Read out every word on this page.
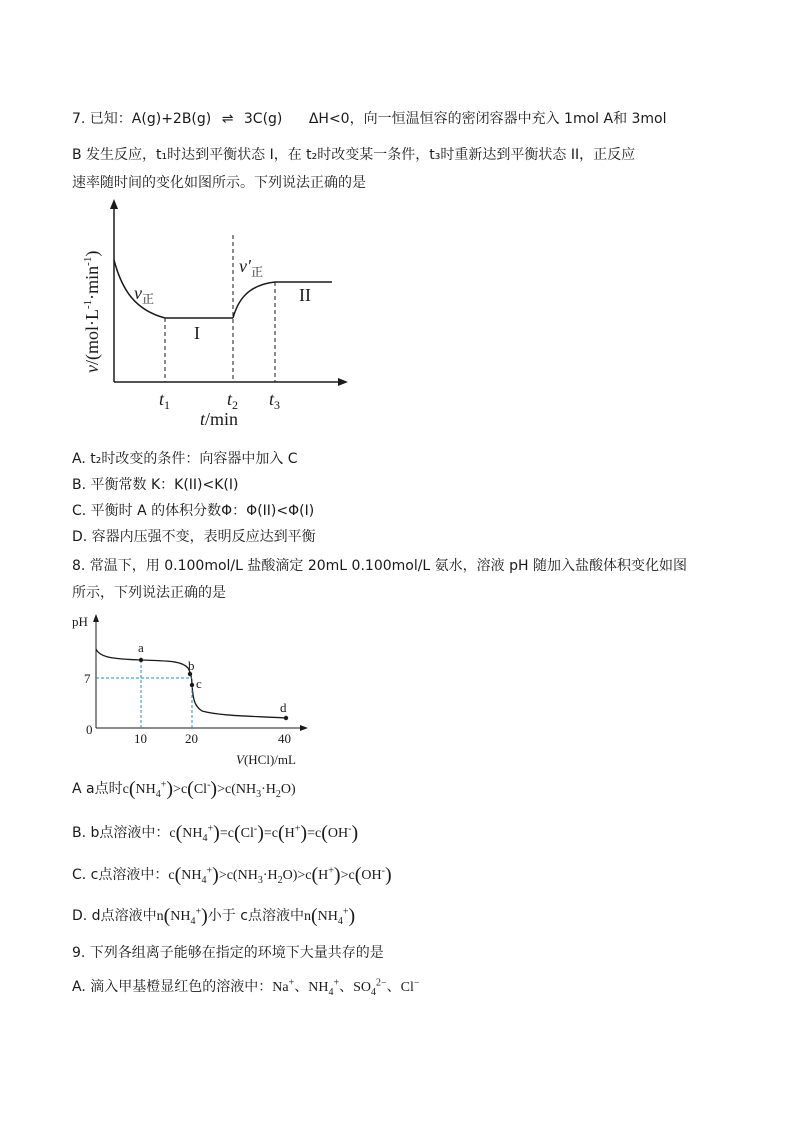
7. 已知：A(g)+2B(g) ⇌ 3C(g) ΔH<0，向一恒温恒容的密闭容器中充入 1mol A和 3mol
B 发生反应，t₁时达到平衡状态 I，在 t₂时改变某一条件，t₃时重新达到平衡状态 II，正反应
速率随时间的变化如图所示。下列说法正确的是
$v_正$
$v'_正$
I
II
$t_1$	$t_2$ $t_3$
t/min
$v/(mol\cdot L^{-1}\cdot\min^{-1})$
A. t₂时改变的条件：向容器中加入 C
B. 平衡常数 K：K(II)<K(I)
C. 平衡时 A 的体积分数Φ：Φ(II)<Φ(I)
D. 容器内压强不变，表明反应达到平衡
8. 常温下，用 0.100mol/L 盐酸滴定 20mL 0.100mol/L 氨水，溶液 pH 随加入盐酸体积变化如图
所示，下列说法正确的是
pH
a
b
c
d
7
0
10	20	40
V(HCl)/mL
A a点时$c(NH_4^+)>c(Cl^-)>c(NH_3\cdot H_2O)$
B. b点溶液中：$c(NH_4^+)=c(Cl^-)=c(H^+)=c(OH^-)$
C. c点溶液中：$c(NH_4^+)>c(NH_3\cdot H_2O)>c(H^+)>c(OH^-)$
D. d点溶液中$n(NH_4^+)$小于 c点溶液中$n(NH_4^+)$
9. 下列各组离子能够在指定的环境下大量共存的是
A. 滴入甲基橙显红色的溶液中：Na+、$NH_4^+$、$SO_4^{2-}$、Cl−
